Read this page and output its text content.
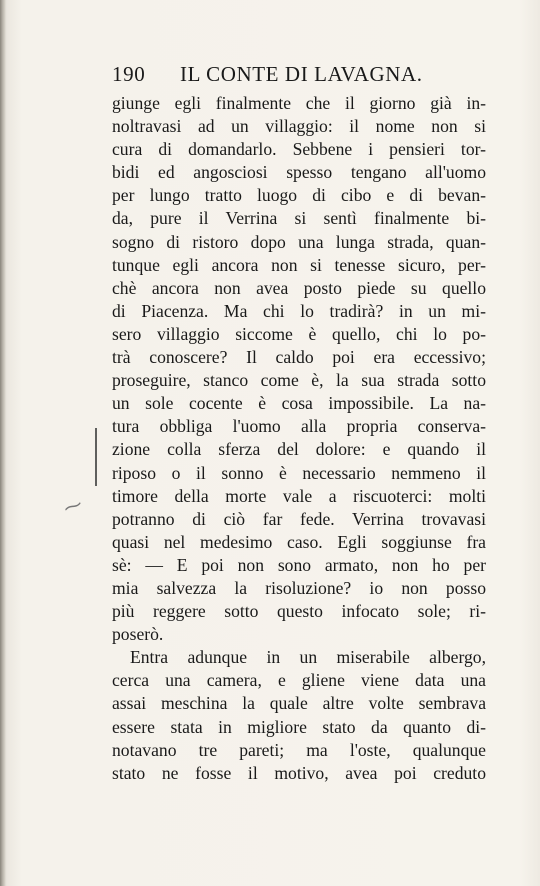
190 IL CONTE DI LAVAGNA.
⁓
giunge egli finalmente che il giorno già in-
noltravasi ad un villaggio: il nome non si
cura di domandarlo. Sebbene i pensieri tor-
bidi ed angosciosi spesso tengano all'uomo
per lungo tratto luogo di cibo e di bevan-
da, pure il Verrina si sentì finalmente bi-
sogno di ristoro dopo una lunga strada, quan-
tunque egli ancora non si tenesse sicuro, per-
chè ancora non avea posto piede su quello
di Piacenza. Ma chi lo tradirà? in un mi-
sero villaggio siccome è quello, chi lo po-
trà conoscere? Il caldo poi era eccessivo;
proseguire, stanco come è, la sua strada sotto
un sole cocente è cosa impossibile. La na-
tura obbliga l'uomo alla propria conserva-
zione colla sferza del dolore: e quando il
riposo o il sonno è necessario nemmeno il
timore della morte vale a riscuoterci: molti
potranno di ciò far fede. Verrina trovavasi
quasi nel medesimo caso. Egli soggiunse fra
sè: — E poi non sono armato, non ho per
mia salvezza la risoluzione? io non posso
più reggere sotto questo infocato sole; ri-
poserò.
Entra adunque in un miserabile albergo,
cerca una camera, e gliene viene data una
assai meschina la quale altre volte sembrava
essere stata in migliore stato da quanto di-
notavano tre pareti; ma l'oste, qualunque
stato ne fosse il motivo, avea poi creduto
